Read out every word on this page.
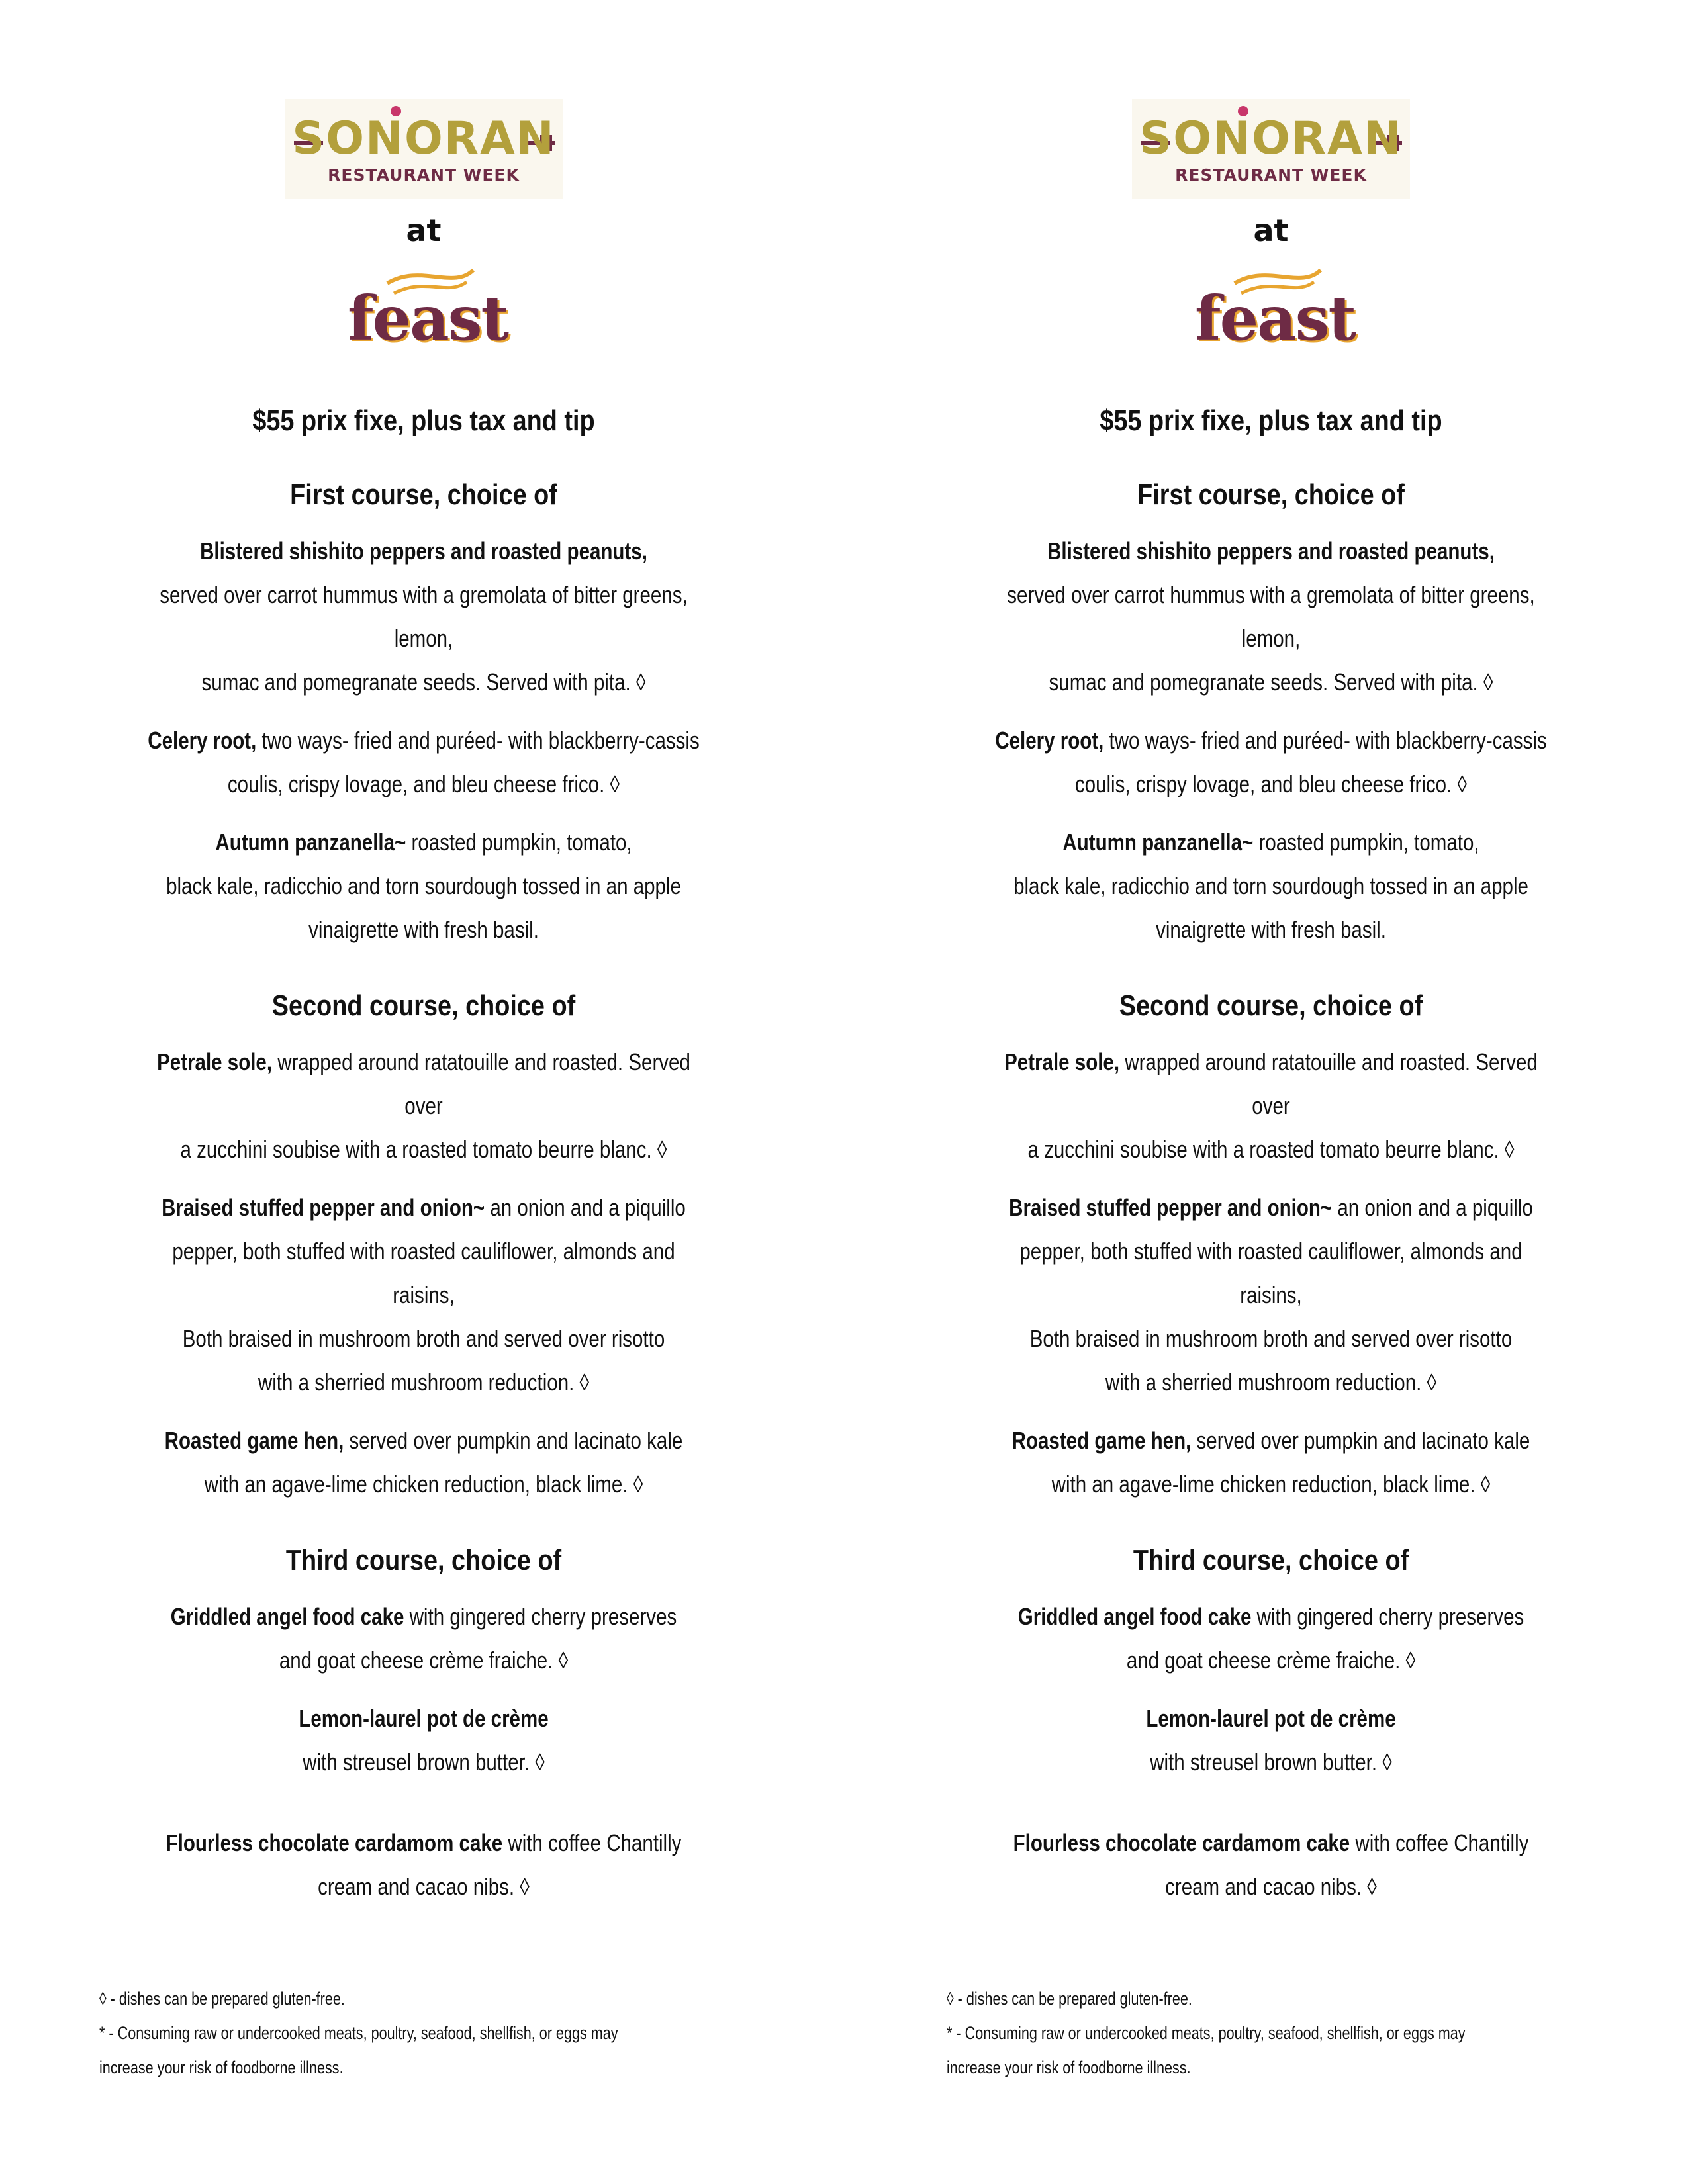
SONORAN
RESTAURANT WEEK
at
feast
$55 prix fixe, plus tax and tip
First course, choice of
Blistered shishito peppers and roasted peanuts,
served over carrot hummus with a gremolata of bitter greens, lemon,
sumac and pomegranate seeds. Served with pita. ◊
Celery root, two ways- fried and puréed- with blackberry-cassis
coulis, crispy lovage, and bleu cheese frico. ◊
Autumn panzanella~ roasted pumpkin, tomato,
black kale, radicchio and torn sourdough tossed in an apple
vinaigrette with fresh basil.
Second course, choice of
Petrale sole, wrapped around ratatouille and roasted. Served over
a zucchini soubise with a roasted tomato beurre blanc. ◊
Braised stuffed pepper and onion~ an onion and a piquillo
pepper, both stuffed with roasted cauliflower, almonds and raisins,
Both braised in mushroom broth and served over risotto
with a sherried mushroom reduction. ◊
Roasted game hen, served over pumpkin and lacinato kale
with an agave-lime chicken reduction, black lime. ◊
Third course, choice of
Griddled angel food cake with gingered cherry preserves
and goat cheese crème fraiche. ◊
Lemon-laurel pot de crème
with streusel brown butter. ◊
Flourless chocolate cardamom cake with coffee Chantilly
cream and cacao nibs. ◊
◊ - dishes can be prepared gluten-free.
* - Consuming raw or undercooked meats, poultry, seafood, shellfish, or eggs may
increase your risk of foodborne illness.
SONORAN
RESTAURANT WEEK
at
feast
$55 prix fixe, plus tax and tip
First course, choice of
Blistered shishito peppers and roasted peanuts,
served over carrot hummus with a gremolata of bitter greens, lemon,
sumac and pomegranate seeds. Served with pita. ◊
Celery root, two ways- fried and puréed- with blackberry-cassis
coulis, crispy lovage, and bleu cheese frico. ◊
Autumn panzanella~ roasted pumpkin, tomato,
black kale, radicchio and torn sourdough tossed in an apple
vinaigrette with fresh basil.
Second course, choice of
Petrale sole, wrapped around ratatouille and roasted. Served over
a zucchini soubise with a roasted tomato beurre blanc. ◊
Braised stuffed pepper and onion~ an onion and a piquillo
pepper, both stuffed with roasted cauliflower, almonds and raisins,
Both braised in mushroom broth and served over risotto
with a sherried mushroom reduction. ◊
Roasted game hen, served over pumpkin and lacinato kale
with an agave-lime chicken reduction, black lime. ◊
Third course, choice of
Griddled angel food cake with gingered cherry preserves
and goat cheese crème fraiche. ◊
Lemon-laurel pot de crème
with streusel brown butter. ◊
Flourless chocolate cardamom cake with coffee Chantilly
cream and cacao nibs. ◊
◊ - dishes can be prepared gluten-free.
* - Consuming raw or undercooked meats, poultry, seafood, shellfish, or eggs may
increase your risk of foodborne illness.
